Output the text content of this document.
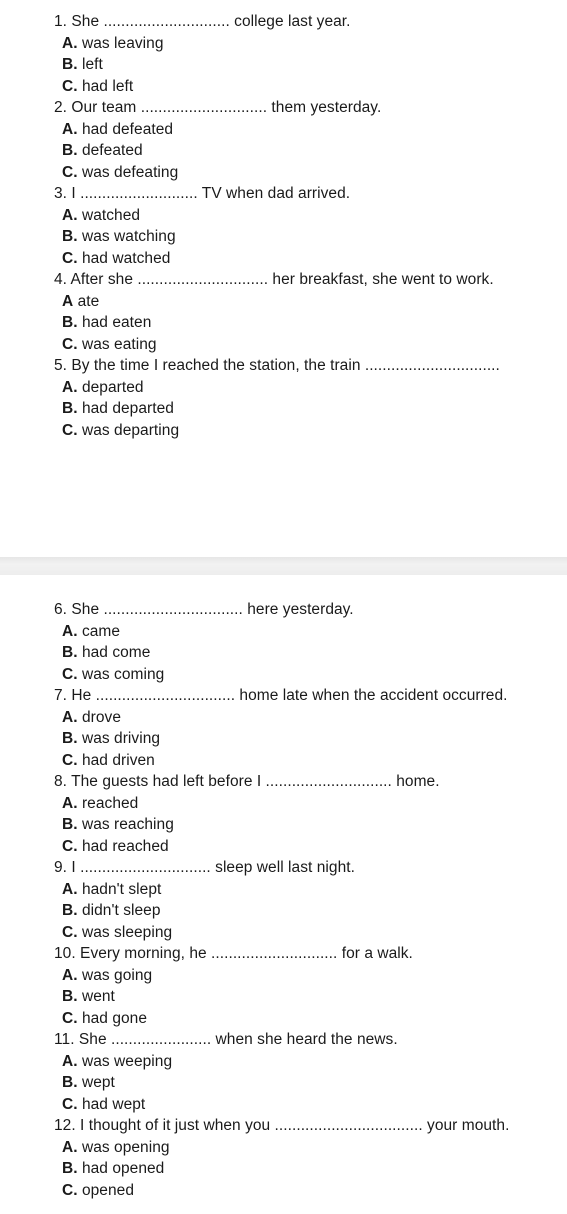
1. She ............................. college last year.
A. was leaving
B. left
C. had left
2. Our team ............................. them yesterday.
A. had defeated
B. defeated
C. was defeating
3. I ........................... TV when dad arrived.
A. watched
B. was watching
C. had watched
4. After she .............................. her breakfast, she went to work.
A ate
B. had eaten
C. was eating
5. By the time I reached the station, the train ...............................
A. departed
B. had departed
C. was departing
6. She ................................ here yesterday.
A. came
B. had come
C. was coming
7. He ................................ home late when the accident occurred.
A. drove
B. was driving
C. had driven
8. The guests had left before I ............................. home.
A. reached
B. was reaching
C. had reached
9. I .............................. sleep well last night.
A. hadn't slept
B. didn't sleep
C. was sleeping
10. Every morning, he ............................. for a walk.
A. was going
B. went
C. had gone
11. She ....................... when she heard the news.
A. was weeping
B. wept
C. had wept
12. I thought of it just when you .................................. your mouth.
A. was opening
B. had opened
C. opened
